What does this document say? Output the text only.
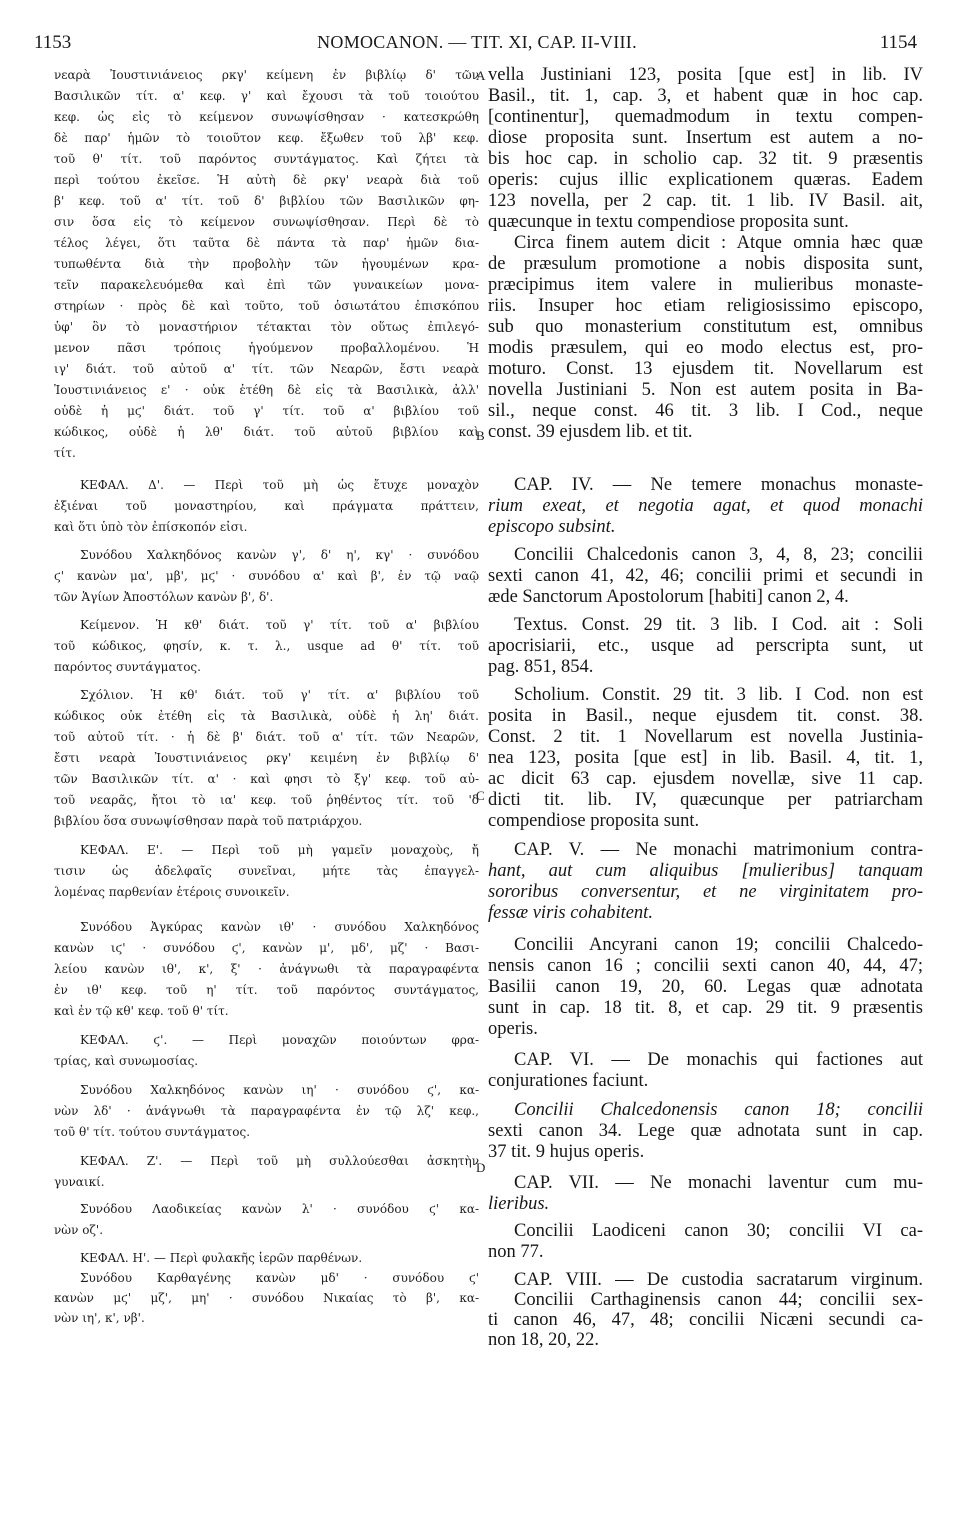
1153	NOMOCANON. — TIT. XI, CAP. II-VIII.	1154
νεαρὰ Ἰουστινιάνειος ρκγ' κείμενη ἐν βιβλίῳ δ' τῶν
Βασιλικῶν τίτ. α' κεφ. γ' καὶ ἔχουσι τὰ τοῦ τοιούτου
κεφ. ὡς εἰς τὸ κείμενον συνωψίσθησαν · κατεσκρώθη
δὲ παρ' ἡμῶν τὸ τοιοῦτον κεφ. ἔξωθεν τοῦ λβ' κεφ.
τοῦ θ' τίτ. τοῦ παρόντος συντάγματος. Καὶ ζήτει τὰ
περὶ τούτου ἐκεῖσε. Ἡ αὐτὴ δὲ ρκγ' νεαρὰ διὰ τοῦ
β' κεφ. τοῦ α' τίτ. τοῦ δ' βιβλίου τῶν Βασιλικῶν φη-
σιν ὅσα εἰς τὸ κείμενον συνωψίσθησαν. Περὶ δὲ τὸ
τέλος λέγει, ὅτι ταῦτα δὲ πάντα τὰ παρ' ἡμῶν δια-
τυπωθέντα διὰ τὴν προβολὴν τῶν ἡγουμένων κρα-
τεῖν παρακελευόμεθα καὶ ἐπὶ τῶν γυναικείων μονα-
στηρίων · πρὸς δὲ καὶ τοῦτο, τοῦ ὁσιωτάτου ἐπισκόπου
ὑφ' ὃν τὸ μοναστήριον τέτακται τὸν οὕτως ἐπιλεγό-
μενον πᾶσι τρόποις ἡγούμενον προβαλλομένου. Ἡ
ιγ' διάτ. τοῦ αὐτοῦ α' τίτ. τῶν Νεαρῶν, ἔστι νεαρὰ
Ἰουστινιάνειος ε' · οὐκ ἐτέθη δὲ εἰς τὰ Βασιλικὰ, ἀλλ'
οὐδὲ ἡ μϛ' διάτ. τοῦ γ' τίτ. τοῦ α' βιβλίου τοῦ
κώδικος, οὐδὲ ἡ λθ' διάτ. τοῦ αὐτοῦ βιβλίου καὶ
τίτ.
ΚΕΦΑΛ. Δ'. — Περὶ τοῦ μὴ ὡς ἔτυχε μοναχὸν
ἐξιέναι τοῦ μοναστηρίου, καὶ πράγματα πράττειν,
καὶ ὅτι ὑπὸ τὸν ἐπίσκοπόν εἰσι.
Συνόδου Χαλκηδόνος κανὼν γ', δ' η', κγ' · συνόδου
ϛ' κανὼν μα', μβ', μϛ' · συνόδου α' καὶ β', ἐν τῷ ναῷ
τῶν Ἁγίων Ἀποστόλων κανὼν β', δ'.
Κείμενον. Ἡ κθ' διάτ. τοῦ γ' τίτ. τοῦ α' βιβλίου
τοῦ κώδικος, φησίν, κ. τ. λ., usque ad θ' τίτ. τοῦ
παρόντος συντάγματος.
Σχόλιον. Ἡ κθ' διάτ. τοῦ γ' τίτ. α' βιβλίου τοῦ
κώδικος οὐκ ἐτέθη εἰς τὰ Βασιλικὰ, οὐδὲ ἡ λη' διάτ.
τοῦ αὐτοῦ τίτ. · ἡ δὲ β' διάτ. τοῦ α' τίτ. τῶν Νεαρῶν,
ἔστι νεαρὰ Ἰουστινιάνειος ρκγ' κειμένη ἐν βιβλίῳ δ'
τῶν Βασιλικῶν τίτ. α' · καὶ φησι τὸ ξγ' κεφ. τοῦ αὐ-
τοῦ νεαρᾶς, ἤτοι τὸ ια' κεφ. τοῦ ῥηθέντος τίτ. τοῦ 'δ
βιβλίου ὅσα συνωψίσθησαν παρὰ τοῦ πατριάρχου.
ΚΕΦΑΛ. Ε'. — Περὶ τοῦ μὴ γαμεῖν μοναχοὺς, ἤ
τισιν ὡς ἀδελφαῖς συνεῖναι, μήτε τὰς ἐπαγγελ-
λομένας παρθενίαν ἑτέροις συνοικεῖν.
Συνόδου Ἀγκύρας κανὼν ιθ' · συνόδου Χαλκηδόνος
κανὼν ιϛ' · συνόδου ϛ', κανὼν μ', μδ', μζ' · Βασι-
λείου κανὼν ιθ', κ', ξ' · ἀνάγνωθι τὰ παραγραφέντα
ἐν ιθ' κεφ. τοῦ η' τίτ. τοῦ παρόντος συντάγματος,
καὶ ἐν τῷ κθ' κεφ. τοῦ θ' τίτ.
ΚΕΦΑΛ. ϛ'. — Περὶ μοναχῶν ποιούντων φρα-
τρίας, καὶ συνωμοσίας.
Συνόδου Χαλκηδόνος κανὼν ιη' · συνόδου ϛ', κα-
νὼν λδ' · ἀνάγνωθι τὰ παραγραφέντα ἐν τῷ λζ' κεφ.,
τοῦ θ' τίτ. τούτου συντάγματος.
ΚΕΦΑΛ. Ζ'. — Περὶ τοῦ μὴ συλλούεσθαι ἀσκητὴν
γυναικί.
Συνόδου Λαοδικείας κανὼν λ' · συνόδου ϛ' κα-
νὼν οζ'.
ΚΕΦΑΛ. Η'. — Περὶ φυλακῆς ἱερῶν παρθένων.
Συνόδου Καρθαγένης κανὼν μδ' · συνόδου ϛ'
κανὼν μϛ' μζ', μη' · συνόδου Νικαίας τὸ β', κα-
νὼν ιη', κ', νβ'.
vella Justiniani 123, posita [que est] in lib. IV
Basil., tit. 1, cap. 3, et habent quæ in hoc cap.
[continentur], quemadmodum in textu compen-
diose proposita sunt. Insertum est autem a no-
bis hoc cap. in scholio cap. 32 tit. 9 præsentis
operis: cujus illic explicationem quæras. Eadem
123 novella, per 2 cap. tit. 1 lib. IV Basil. ait,
quæcunque in textu compendiose proposita sunt.
Circa finem autem dicit : Atque omnia hæc quæ
de præsulum promotione a nobis disposita sunt,
præcipimus item valere in mulieribus monaste-
riis. Insuper hoc etiam religiosissimo episcopo,
sub quo monasterium constitutum est, omnibus
modis præsulem, qui eo modo electus est, pro-
moturo. Const. 13 ejusdem tit. Novellarum est
novella Justiniani 5. Non est autem posita in Ba-
sil., neque const. 46 tit. 3 lib. I Cod., neque
const. 39 ejusdem lib. et tit.
CAP. IV. — Ne temere monachus monaste-
rium exeat, et negotia agat, et quod monachi
episcopo subsint.
Concilii Chalcedonis canon 3, 4, 8, 23; concilii
sexti canon 41, 42, 46; concilii primi et secundi in
æde Sanctorum Apostolorum [habiti] canon 2, 4.
Textus. Const. 29 tit. 3 lib. I Cod. ait : Soli
apocrisiarii, etc., usque ad perscripta sunt, ut
pag. 851, 854.
Scholium. Constit. 29 tit. 3 lib. I Cod. non est
posita in Basil., neque ejusdem tit. const. 38.
Const. 2 tit. 1 Novellarum est novella Justinia-
nea 123, posita [que est] in lib. Basil. 4, tit. 1,
ac dicit 63 cap. ejusdem novellæ, sive 11 cap.
dicti tit. lib. IV, quæcunque per patriarcham
compendiose proposita sunt.
CAP. V. — Ne monachi matrimonium contra-
hant, aut cum aliquibus [mulieribus] tanquam
sororibus conversentur, et ne virginitatem pro-
fessæ viris cohabitent.
Concilii Ancyrani canon 19; concilii Chalcedo-
nensis canon 16 ; concilii sexti canon 40, 44, 47;
Basilii canon 19, 20, 60. Legas quæ adnotata
sunt in cap. 18 tit. 8, et cap. 29 tit. 9 præsentis
operis.
CAP. VI. — De monachis qui factiones aut
conjurationes faciunt.
Concilii Chalcedonensis canon 18; concilii
sexti canon 34. Lege quæ adnotata sunt in cap.
37 tit. 9 hujus operis.
CAP. VII. — Ne monachi laventur cum mu-
lieribus.
Concilii Laodiceni canon 30; concilii VI ca-
non 77.
CAP. VIII. — De custodia sacratarum virginum.
Concilii Carthaginensis canon 44; concilii sex-
ti canon 46, 47, 48; concilii Nicæni secundi ca-
non 18, 20, 22.
A
B
C
D
